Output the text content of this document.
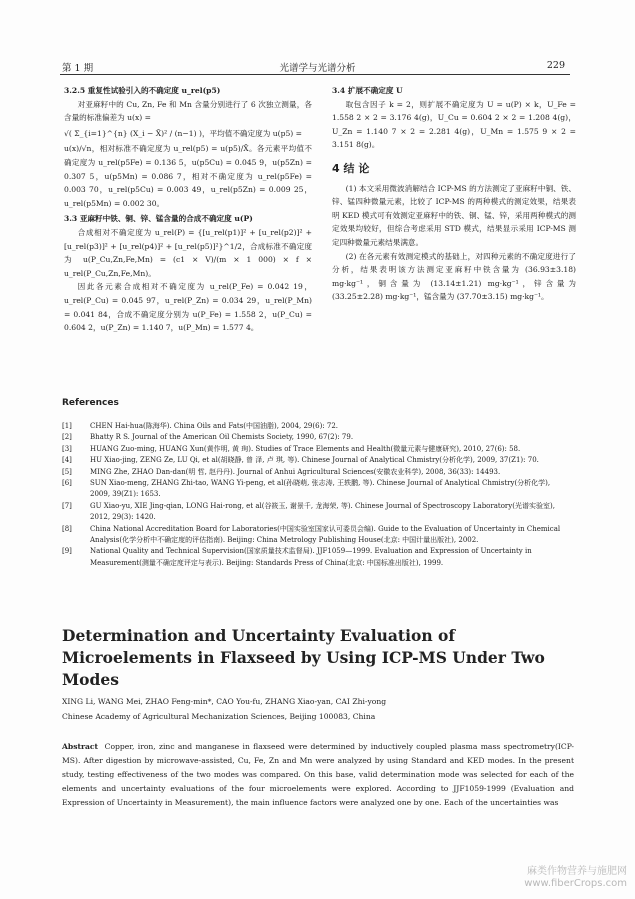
第 1 期	光谱学与光谱分析	229

3.2.5 重复性试验引入的不确定度 u_rel(p5)

对亚麻籽中的 Cu, Zn, Fe 和 Mn 含量分别进行了 6 次独立测量，各含量的标准偏差为 u(x) =

√( Σ_{i=1}^{n} (X_i − X̄)² / (n−1) )，平均值不确定度为 u(p5) =

u(x)/√n，相对标准不确定度为 u_rel(p5) = u(p5)/X̄。各元素平均值不确定度为 u_rel(p5Fe) = 0.136 5，u(p5Cu) = 0.045 9，u(p5Zn) = 0.307 5，u(p5Mn) = 0.086 7，相对不确定度为 u_rel(p5Fe) = 0.003 70，u_rel(p5Cu) = 0.003 49，u_rel(p5Zn) = 0.009 25，u_rel(p5Mn) = 0.002 30。

3.3 亚麻籽中铁、铜、锌、锰含量的合成不确定度 u(P)

合成相对不确定度为 u_rel(P) = {[u_rel(p1)]² + [u_rel(p2)]² + [u_rel(p3)]² + [u_rel(p4)]² + [u_rel(p5)]²}^1/2，合成标准不确定度为 u(P_Cu,Zn,Fe,Mn) = (c1 × V)/(m × 1 000) × f × u_rel(P_Cu,Zn,Fe,Mn)。

因此各元素合成相对不确定度为 u_rel(P_Fe) = 0.042 19，u_rel(P_Cu) = 0.045 97，u_rel(P_Zn) = 0.034 29，u_rel(P_Mn) = 0.041 84，合成不确定度分别为 u(P_Fe) = 1.558 2，u(P_Cu) = 0.604 2，u(P_Zn) = 1.140 7，u(P_Mn) = 1.577 4。

3.4 扩展不确定度 U

取包含因子 k = 2，则扩展不确定度为 U = u(P) × k，U_Fe = 1.558 2 × 2 = 3.176 4(g)，U_Cu = 0.604 2 × 2 = 1.208 4(g)，U_Zn = 1.140 7 × 2 = 2.281 4(g)，U_Mn = 1.575 9 × 2 = 3.151 8(g)。

4 结 论

(1) 本文采用微波消解结合 ICP-MS 的方法测定了亚麻籽中铜、铁、锌、锰四种微量元素，比较了 ICP-MS 的两种模式的测定效果，结果表明 KED 模式可有效测定亚麻籽中的铁、铜、锰、锌，采用两种模式的测定效果均较好，但综合考虑采用 STD 模式，结果显示采用 ICP-MS 测定四种微量元素结果满意。

(2) 在各元素有效测定模式的基础上，对四种元素的不确定度进行了分析，结果表明该方法测定亚麻籽中铁含量为 (36.93±3.18) mg·kg⁻¹，铜含量为 (13.14±1.21) mg·kg⁻¹，锌含量为 (33.25±2.28) mg·kg⁻¹，锰含量为 (37.70±3.15) mg·kg⁻¹。

References
[1]	CHEN Hai-hua(陈海华). China Oils and Fats(中国油脂), 2004, 29(6): 72.
[2]	Bhatty R S. Journal of the American Oil Chemists Society, 1990, 67(2): 79.
[3]	HUANG Zuo-ming, HUANG Xun(黄作明, 黄 珣). Studies of Trace Elements and Health(微量元素与健康研究), 2010, 27(6): 58.
[4]	HU Xiao-jing, ZENG Ze, LU Qi, et al(胡晓静, 曾 泽, 卢 琪, 等). Chinese Journal of Analytical Chmistry(分析化学), 2009, 37(Z1): 70.
[5]	MING Zhe, ZHAO Dan-dan(明 哲, 赵丹丹). Journal of Anhui Agricultural Sciences(安徽农业科学), 2008, 36(33): 14493.
[6]	SUN Xiao-meng, ZHANG Zhi-tao, WANG Yi-peng, et al(孙晓萌, 张志涛, 王轶鹏, 等). Chinese Journal of Analytical Chmistry(分析化学), 2009, 39(Z1): 1653.
[7]	GU Xiao-yu, XIE Jing-qian, LONG Hai-rong, et al(谷筱玉, 谢景千, 龙海荣, 等). Chinese Journal of Spectroscopy Laboratory(光谱实验室), 2012, 29(3): 1420.
[8]	China National Accreditation Board for Laboratories(中国实验室国家认可委员会编). Guide to the Evaluation of Uncertainty in Chemical Analysis(化学分析中不确定度的评估指南). Beijing: China Metrology Publishing House(北京: 中国计量出版社), 2002.
[9]	National Quality and Technical Supervision(国家质量技术监督局). JJF1059—1999. Evaluation and Expression of Uncertainty in Measurement(测量不确定度评定与表示). Beijing: Standards Press of China(北京: 中国标准出版社), 1999.
Determination and Uncertainty Evaluation of Microelements in Flaxseed by Using ICP-MS Under Two Modes
XING Li, WANG Mei, ZHAO Feng-min*, CAO You-fu, ZHANG Xiao-yan, CAI Zhi-yong
Chinese Academy of Agricultural Mechanization Sciences, Beijing 100083, China
Abstract Copper, iron, zinc and manganese in flaxseed were determined by inductively coupled plasma mass spectrometry(ICP-MS). After digestion by microwave-assisted, Cu, Fe, Zn and Mn were analyzed by using Standard and KED modes. In the present study, testing effectiveness of the two modes was compared. On this base, valid determination mode was selected for each of the elements and uncertainty evaluations of the four microelements were explored. According to JJF1059-1999 (Evaluation and Expression of Uncertainty in Measurement), the main influence factors were analyzed one by one. Each of the uncertainties was
麻类作物营养与施肥网
www.fiberCrops.com
